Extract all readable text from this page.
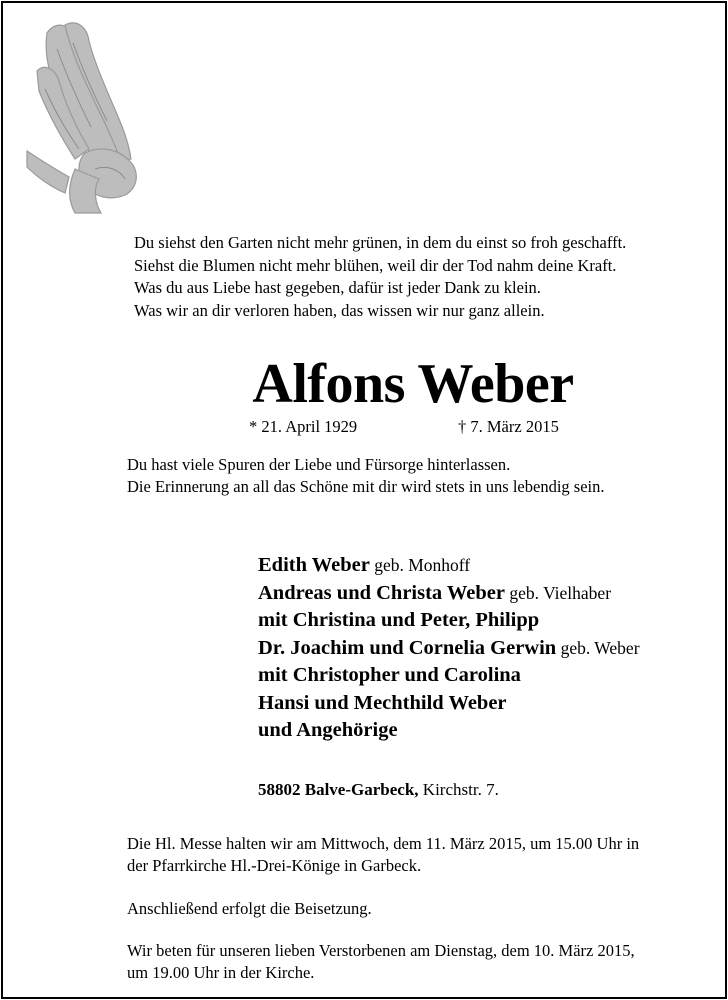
Du siehst den Garten nicht mehr grünen, in dem du einst so froh geschafft.
Siehst die Blumen nicht mehr blühen, weil dir der Tod nahm deine Kraft.
Was du aus Liebe hast gegeben, dafür ist jeder Dank zu klein.
Was wir an dir verloren haben, das wissen wir nur ganz allein.
Alfons Weber
* 21. April 1929	† 7. März 2015
Du hast viele Spuren der Liebe und Fürsorge hinterlassen.
Die Erinnerung an all das Schöne mit dir wird stets in uns lebendig sein.
Edith Weber geb. Monhoff
Andreas und Christa Weber geb. Vielhaber
mit Christina und Peter, Philipp
Dr. Joachim und Cornelia Gerwin geb. Weber
mit Christopher und Carolina
Hansi und Mechthild Weber
und Angehörige
58802 Balve-Garbeck, Kirchstr. 7.
Die Hl. Messe halten wir am Mittwoch, dem 11. März 2015, um 15.00 Uhr in
der Pfarrkirche Hl.-Drei-Könige in Garbeck.
Anschließend erfolgt die Beisetzung.
Wir beten für unseren lieben Verstorbenen am Dienstag, dem 10. März 2015,
um 19.00 Uhr in der Kirche.
